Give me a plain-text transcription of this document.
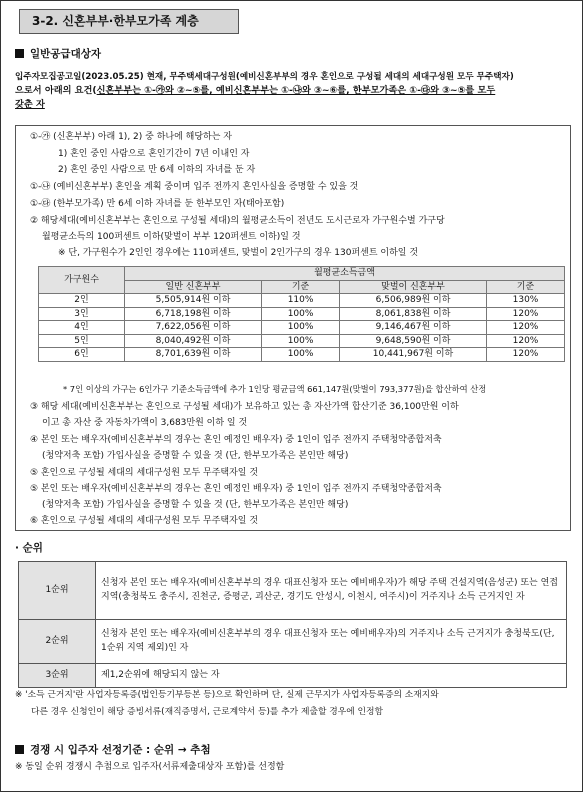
3-2. 신혼부부·한부모가족 계층
일반공급대상자
입주자모집공고일(2023.05.25) 현재, 무주택세대구성원(예비신혼부부의 경우 혼인으로 구성될 세대의 세대구성원 모두 무주택자)
으로서 아래의 요건(신혼부부는 ①-㉮와 ②~⑤를, 예비신혼부부는 ①-㉯와 ③~⑥를, 한부모가족은 ①-㉰와 ③~⑤를 모두
갖춘 자
①-㉮ (신혼부부) 아래 1), 2) 중 하나에 해당하는 자
1) 혼인 중인 사람으로 혼인기간이 7년 이내인 자
2) 혼인 중인 사람으로 만 6세 이하의 자녀를 둔 자
①-㉯ (예비신혼부부) 혼인을 계획 중이며 입주 전까지 혼인사실을 증명할 수 있을 것
①-㉰ (한부모가족) 만 6세 이하 자녀를 둔 한부모인 자(태아포함)
② 해당세대(예비신혼부부는 혼인으로 구성될 세대)의 월평균소득이 전년도 도시근로자 가구원수별 가구당
월평균소득의 100퍼센트 이하(맞벌이 부부 120퍼센트 이하)일 것
※ 단, 가구원수가 2인인 경우에는 110퍼센트, 맞벌이 2인가구의 경우 130퍼센트 이하일 것
가구원수	월평균소득금액			
	일반 신혼부부	기준	맞벌이 신혼부부	기준
2인	5,505,914원 이하	110%	6,506,989원 이하	130%
3인	6,718,198원 이하	100%	8,061,838원 이하	120%
4인	7,622,056원 이하	100%	9,146,467원 이하	120%
5인	8,040,492원 이하	100%	9,648,590원 이하	120%
6인	8,701,639원 이하	100%	10,441,967원 이하	120%
* 7인 이상의 가구는 6인가구 기준소득금액에 추가 1인당 평균금액 661,147원(맞벌이 793,377원)을 합산하여 산정
③ 해당 세대(예비신혼부부는 혼인으로 구성될 세대)가 보유하고 있는 총 자산가액 합산기준 36,100만원 이하
이고 총 자산 중 자동차가액이 3,683만원 이하 일 것
④ 본인 또는 배우자(예비신혼부부의 경우는 혼인 예정인 배우자) 중 1인이 입주 전까지 주택청약종합저축
(청약저축 포함) 가입사실을 증명할 수 있을 것 (단, 한부모가족은 본인만 해당)
⑤ 혼인으로 구성될 세대의 세대구성원 모두 무주택자일 것
⑤ 본인 또는 배우자(예비신혼부부의 경우는 혼인 예정인 배우자) 중 1인이 입주 전까지 주택청약종합저축
(청약저축 포함) 가입사실을 증명할 수 있을 것 (단, 한부모가족은 본인만 해당)
⑥ 혼인으로 구성될 세대의 세대구성원 모두 무주택자일 것
· 순위
1순위	신청자 본인 또는 배우자(예비신혼부부의 경우 대표신청자 또는 예비배우자)가 해당 주택 건설지역(음성군) 또는 연접지역(충청북도 충주시, 진천군, 증평군, 괴산군, 경기도 안성시, 이천시, 여주시)이 거주지나 소득 근거지인 자
2순위	신청자 본인 또는 배우자(예비신혼부부의 경우 대표신청자 또는 예비배우자)의 거주지나 소득 근거지가 충청북도(단, 1순위 지역 제외)인 자
3순위	제1,2순위에 해당되지 않는 자
※ '소득 근거지'란 사업자등록증(법인등기부등본 등)으로 확인하며 단, 실제 근무지가 사업자등록증의 소재지와
다른 경우 신청인이 해당 증빙서류(재직증명서, 근로계약서 등)를 추가 제출할 경우에 인정함
경쟁 시 입주자 선정기준 : 순위 → 추첨
※ 동일 순위 경쟁시 추첨으로 입주자(서류제출대상자 포함)를 선정함
